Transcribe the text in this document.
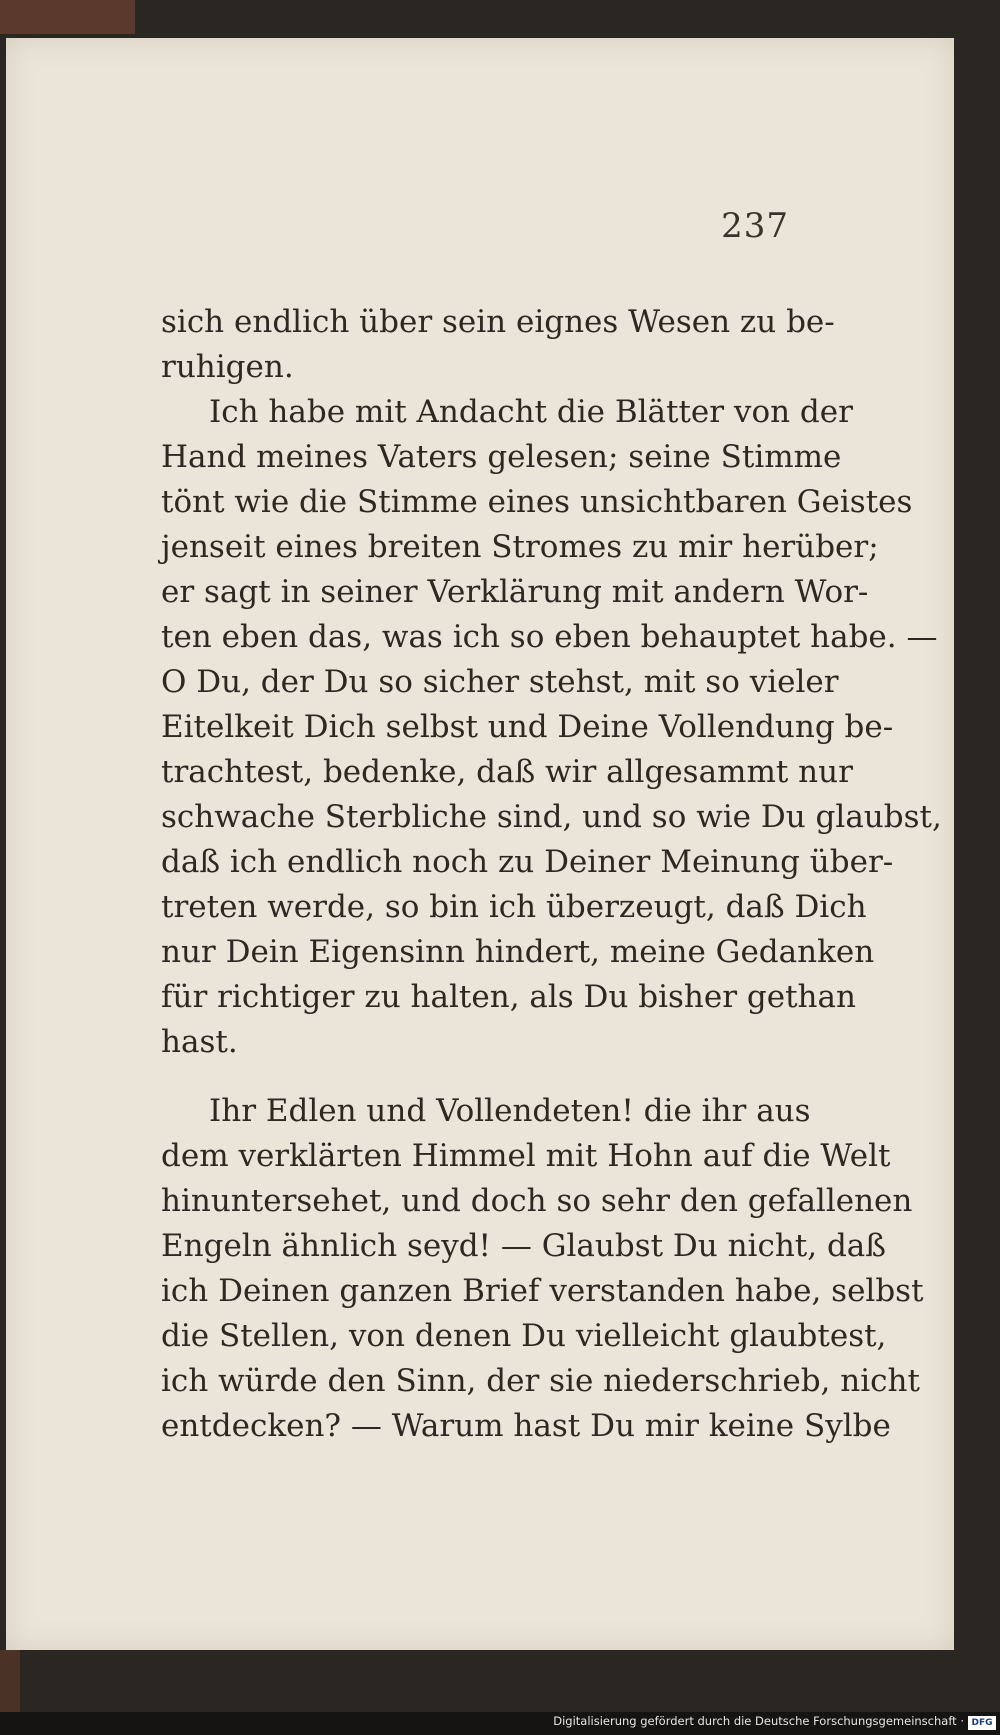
237
sich endlich über sein eignes Wesen zu be-
ruhigen.
Ich habe mit Andacht die Blätter von der
Hand meines Vaters gelesen; seine Stimme
tönt wie die Stimme eines unsichtbaren Geistes
jenseit eines breiten Stromes zu mir herüber;
er sagt in seiner Verklärung mit andern Wor-
ten eben das, was ich so eben behauptet habe. —
O Du, der Du so sicher stehst, mit so vieler
Eitelkeit Dich selbst und Deine Vollendung be-
trachtest, bedenke, daß wir allgesammt nur
schwache Sterbliche sind, und so wie Du glaubst,
daß ich endlich noch zu Deiner Meinung über-
treten werde, so bin ich überzeugt, daß Dich
nur Dein Eigensinn hindert, meine Gedanken
für richtiger zu halten, als Du bisher gethan
hast.
Ihr Edlen und Vollendeten! die ihr aus
dem verklärten Himmel mit Hohn auf die Welt
hinuntersehet, und doch so sehr den gefallenen
Engeln ähnlich seyd! — Glaubst Du nicht, daß
ich Deinen ganzen Brief verstanden habe, selbst
die Stellen, von denen Du vielleicht glaubtest,
ich würde den Sinn, der sie niederschrieb, nicht
entdecken? — Warum hast Du mir keine Sylbe
Digitalisierung gefördert durch die Deutsche Forschungsgemeinschaft · DFG
